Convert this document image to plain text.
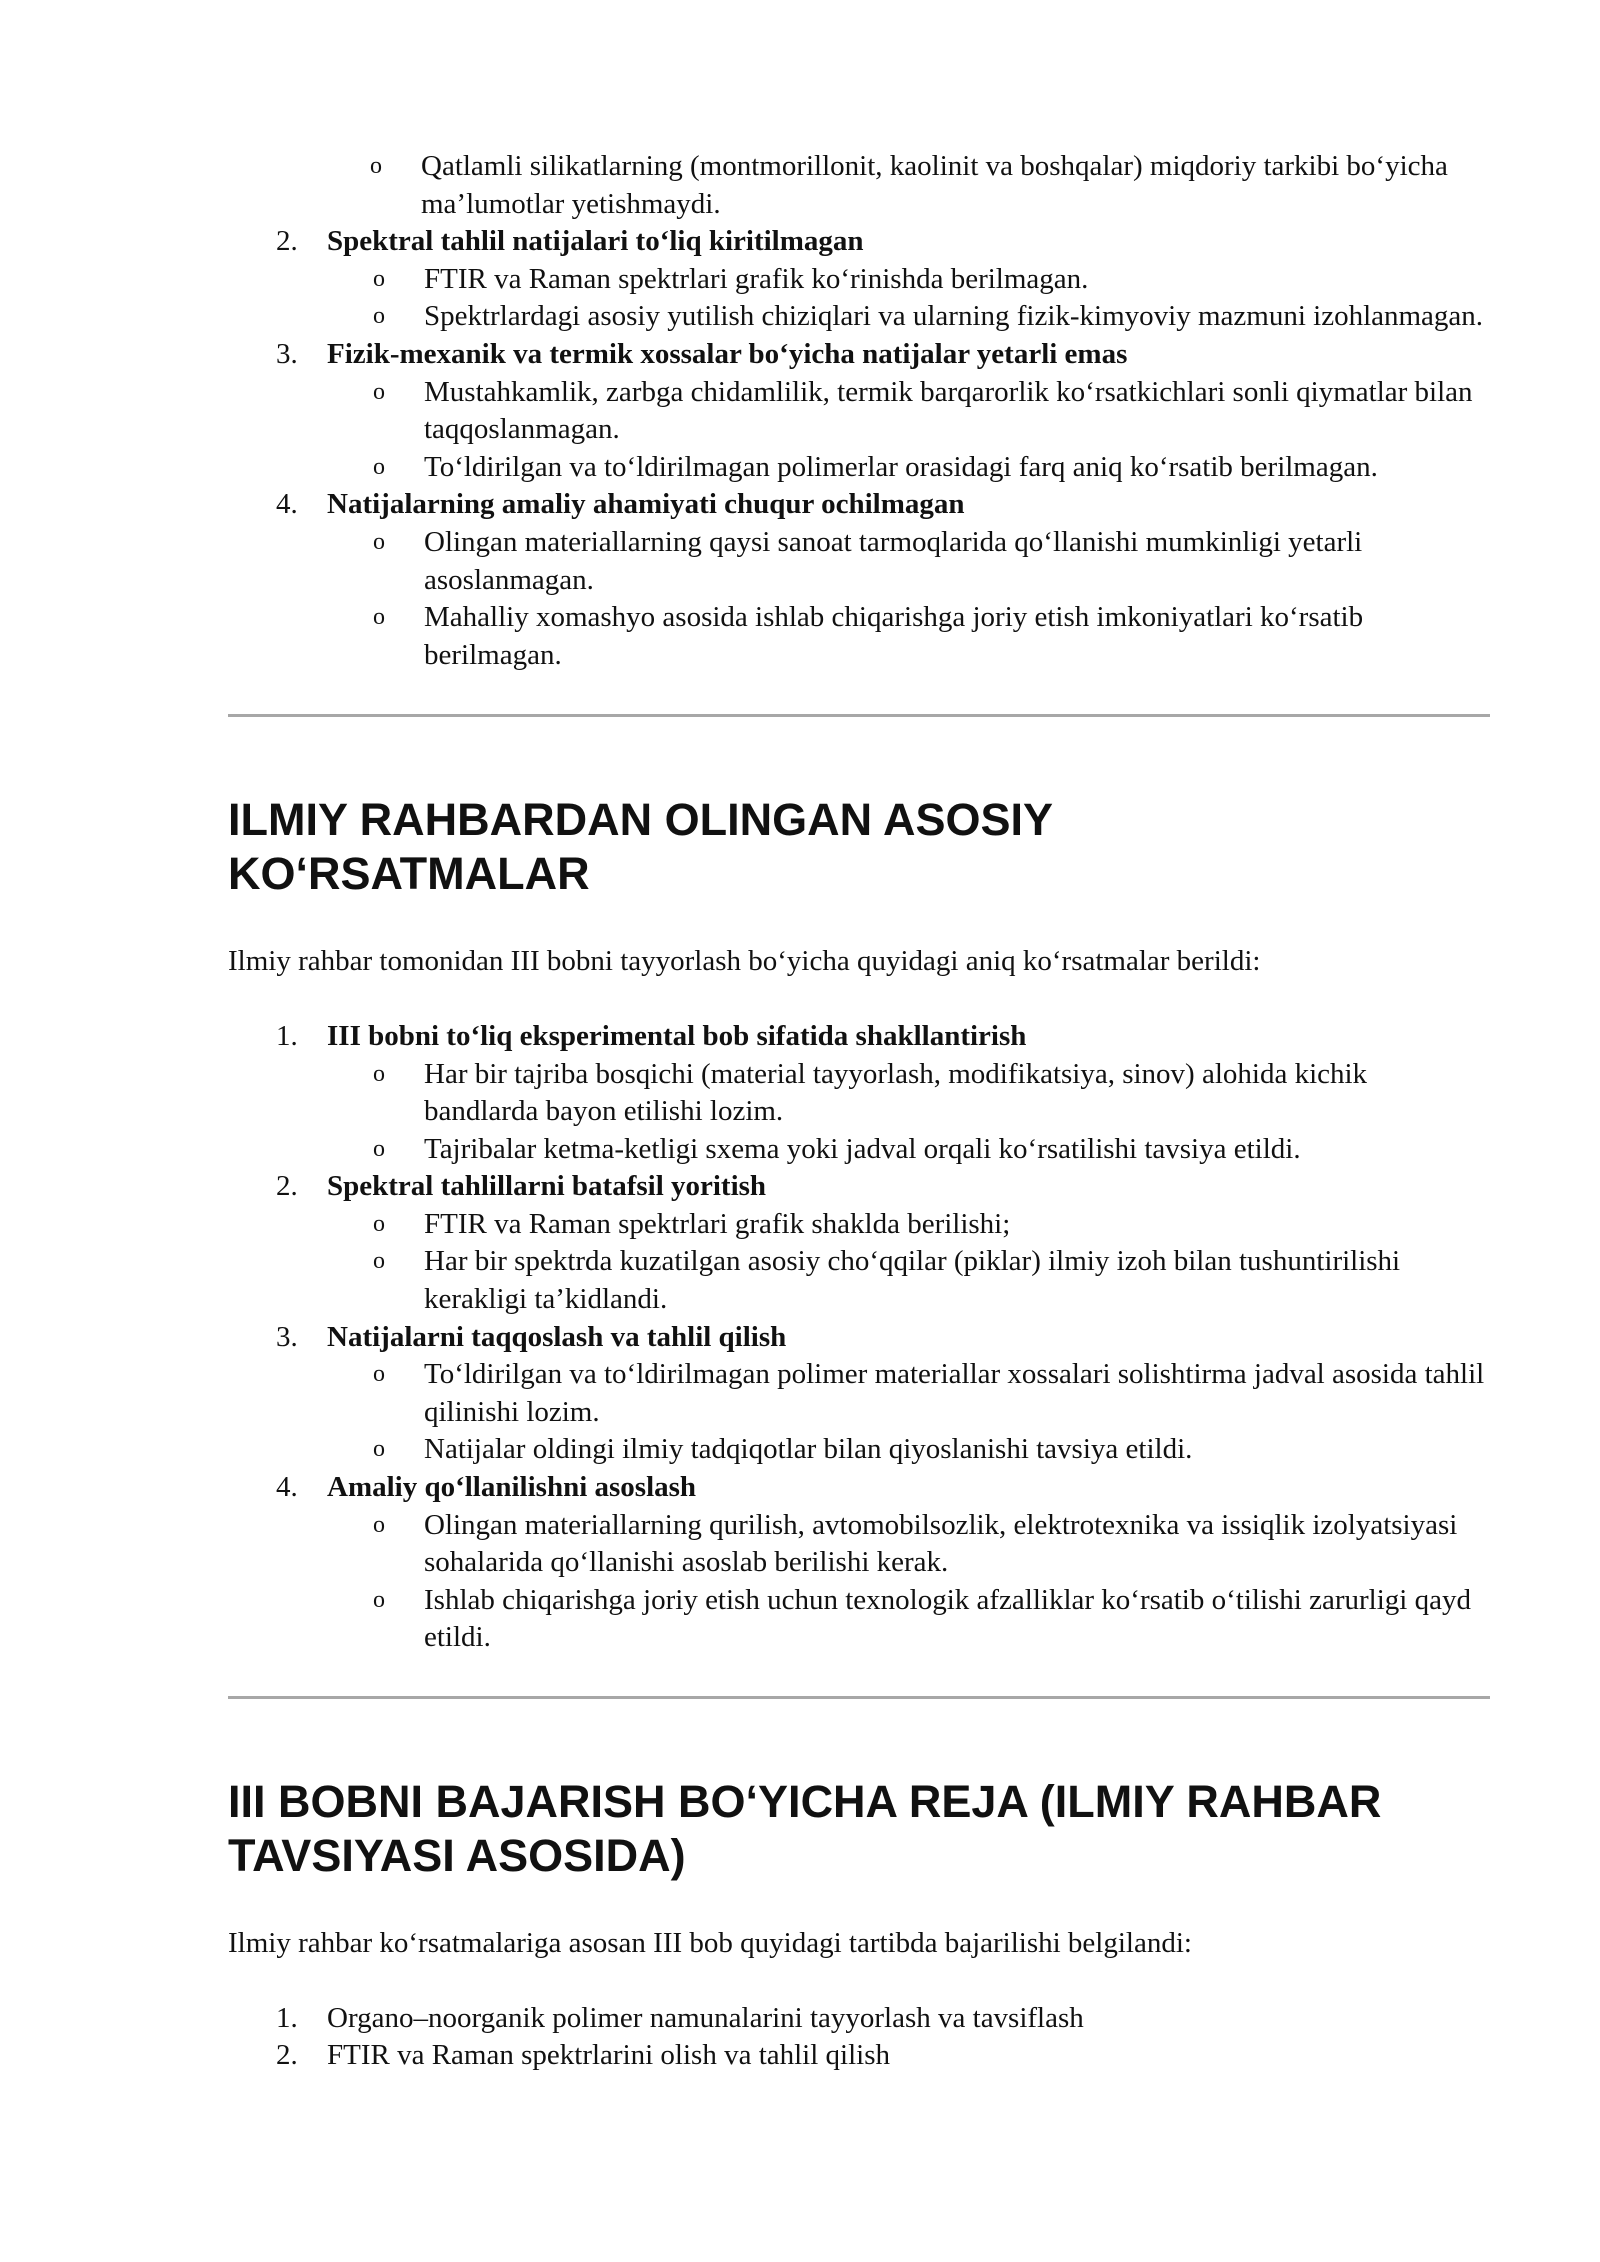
o Qatlamli silikatlarning (montmorillonit, kaolinit va boshqalar) miqdoriy tarkibi bo‘yicha ma’lumotlar yetishmaydi.
2 .	Spektral tahlil natijalari to‘liq kiritilmagan
o FTIR va Raman spektrlari grafik ko‘rinishda berilmagan.
o Spektrlardagi asosiy yutilish chiziqlari va ularning fizik-kimyoviy mazmuni izohlanmagan.
3 .	Fizik-mexanik va termik xossalar bo‘yicha natijalar yetarli emas
o Mustahkamlik, zarbga chidamlilik, termik barqarorlik ko‘rsatkichlari sonli qiymatlar bilan taqqoslanmagan.
o To‘ldirilgan va to‘ldirilmagan polimerlar orasidagi farq aniq ko‘rsatib berilmagan.
4 .	Natijalarning amaliy ahamiyati chuqur ochilmagan
o Olingan materiallarning qaysi sanoat tarmoqlarida qo‘llanishi mumkinligi yetarli asoslanmagan.
o Mahalliy xomashyo asosida ishlab chiqarishga joriy etish imkoniyatlari ko‘rsatib berilmagan.
ILMIY RAHBARDAN OLINGAN ASOSIY KO‘RSATMALAR

Ilmiy rahbar tomonidan III bobni tayyorlash bo‘yicha quyidagi aniq ko‘rsatmalar berildi:

1 .	III bobni to‘liq eksperimental bob sifatida shakllantirish
o Har bir tajriba bosqichi (material tayyorlash, modifikatsiya, sinov) alohida kichik bandlarda bayon etilishi lozim.
o Tajribalar ketma-ketligi sxema yoki jadval orqali ko‘rsatilishi tavsiya etildi.
2 .	Spektral tahlillarni batafsil yoritish
o FTIR va Raman spektrlari grafik shakldа berilishi;
o Har bir spektrda kuzatilgan asosiy cho‘qqilar (piklar) ilmiy izoh bilan tushuntirilishi kerakligi ta’kidlandi.
3 .	Natijalarni taqqoslash va tahlil qilish
o To‘ldirilgan va to‘ldirilmagan polimer materiallar xossalari solishtirma jadval asosida tahlil qilinishi lozim.
o Natijalar oldingi ilmiy tadqiqotlar bilan qiyoslanishi tavsiya etildi.
4 .	Amaliy qo‘llanilishni asoslash
o Olingan materiallarning qurilish, avtomobilsozlik, elektrotexnika va issiqlik izolyatsiyasi sohalarida qo‘llanishi asoslab berilishi kerak.
o Ishlab chiqarishga joriy etish uchun texnologik afzalliklar ko‘rsatib o‘tilishi zarurligi qayd etildi.
III BOBNI BAJARISH BO‘YICHA REJA (ILMIY RAHBAR TAVSIYASI ASOSIDA)

Ilmiy rahbar ko‘rsatmalariga asosan III bob quyidagi tartibda bajarilishi belgilandi:

1 .	Organo–noorganik polimer namunalarini tayyorlash va tavsiflash
2 .	FTIR va Raman spektrlarini olish va tahlil qilish
